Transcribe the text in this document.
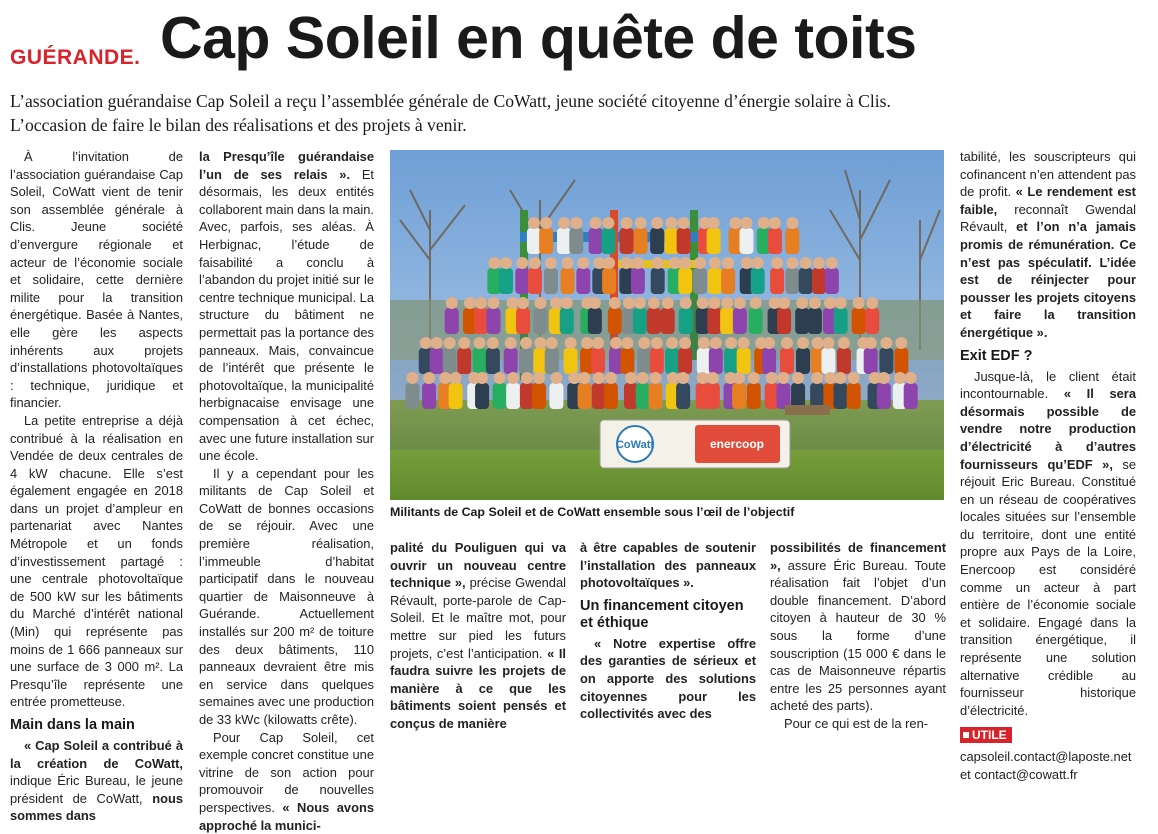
GUÉRANDE. Cap Soleil en quête de toits

L’association guérandaise Cap Soleil a reçu l’assemblée générale de CoWatt, jeune société citoyenne d’énergie solaire à Clis.

L’occasion de faire le bilan des réalisations et des projets à venir.

À l’invitation de l’association guérandaise Cap Soleil, CoWatt vient de tenir son assemblée générale à Clis. Jeune société d’envergure régionale et acteur de l’économie sociale et solidaire, cette dernière milite pour la transition énergétique. Basée à Nantes, elle gère les aspects inhérents aux projets d’installations photovoltaïques : technique, juridique et financier.

La petite entreprise a déjà contribué à la réalisation en Vendée de deux centrales de 4 kW chacune. Elle s’est également engagée en 2018 dans un projet d’ampleur en partenariat avec Nantes Métropole et un fonds d’investissement partagé : une centrale photovoltaïque de 500 kW sur les bâtiments du Marché d’intérêt national (Min) qui représente pas moins de 1 666 panneaux sur une surface de 3 000 m². La Presqu’île représente une entrée prometteuse.

Main dans la main

« Cap Soleil a contribué à la création de CoWatt, indique Éric Bureau, le jeune président de CoWatt, nous sommes dans

la Presqu’île guérandaise l’un de ses relais ». Et désormais, les deux entités collaborent main dans la main. Avec, parfois, ses aléas. À Herbignac, l’étude de faisabilité a conclu à l’abandon du projet initié sur le centre technique municipal. La structure du bâtiment ne permettait pas la portance des panneaux. Mais, convaincue de l’intérêt que présente le photovoltaïque, la municipalité herbignacaise envisage une compensation à cet échec, avec une future installation sur une école.

Il y a cependant pour les militants de Cap Soleil et CoWatt de bonnes occasions de se réjouir. Avec une première réalisation, l’immeuble d’habitat participatif dans le nouveau quartier de Maisonneuve à Guérande. Actuellement installés sur 200 m² de toiture des deux bâtiments, 110 panneaux devraient être mis en service dans quelques semaines avec une production de 33 kWc (kilowatts crête).

Pour Cap Soleil, cet exemple concret constitue une vitrine de son action pour promouvoir de nouvelles perspectives. « Nous avons approché la munici-

CoWatt	enercoop
Militants de Cap Soleil et de CoWatt ensemble sous l’œil de l’objectif

palité du Pouliguen qui va ouvrir un nouveau centre technique », précise Gwendal Révault, porte-parole de Cap-Soleil. Et le maître mot, pour mettre sur pied les futurs projets, c’est l’anticipation. « Il faudra suivre les projets de manière à ce que les bâtiments soient pensés et conçus de manière

à être capables de soutenir l’installation des panneaux photovoltaïques ».

Un financement citoyen et éthique

« Notre expertise offre des garanties de sérieux et on apporte des solutions citoyennes pour les collectivités avec des

possibilités de financement », assure Éric Bureau. Toute réalisation fait l’objet d’un double financement. D’abord citoyen à hauteur de 30 % sous la forme d’une souscription (15 000 € dans le cas de Maisonneuve répartis entre les 25 personnes ayant acheté des parts).

Pour ce qui est de la ren-

tabilité, les souscripteurs qui cofinancent n’en attendent pas de profit. « Le rendement est faible, reconnaît Gwendal Révault, et l’on n’a jamais promis de rémunération. Ce n’est pas spéculatif. L’idée est de réinjecter pour pousser les projets citoyens et faire la transition énergétique ».

Exit EDF ?

Jusque-là, le client était incontournable. « Il sera désormais possible de vendre notre production d’électricité à d’autres fournisseurs qu’EDF », se réjouit Eric Bureau. Constitué en un réseau de coopératives locales situées sur l’ensemble du territoire, dont une entité propre aux Pays de la Loire, Enercoop est considéré comme un acteur à part entière de l’économie sociale et solidaire. Engagé dans la transition énergétique, il représente une solution alternative crédible au fournisseur historique d’électricité.

UTILE
capsoleil.contact@laposte.net et contact@cowatt.fr
